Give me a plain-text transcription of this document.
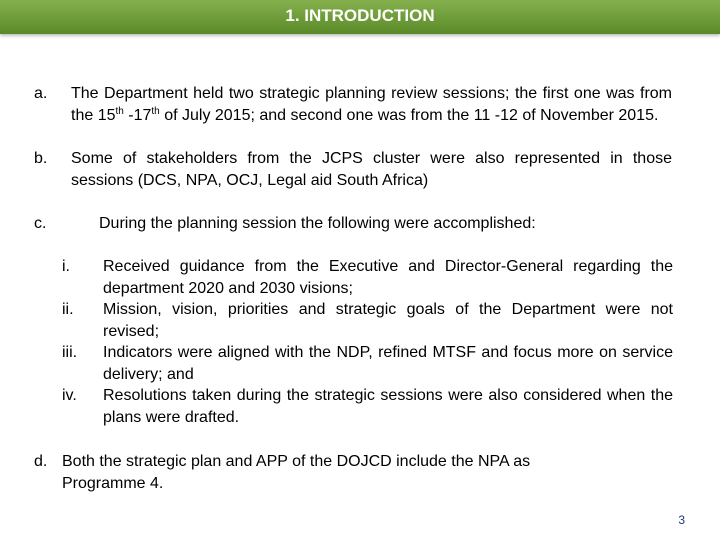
1. INTRODUCTION
a. The Department held two strategic planning review sessions; the first one was from the 15th -17th of July 2015; and second one was from the 11 -12 of November 2015.
b. Some of stakeholders from the JCPS cluster were also represented in those sessions (DCS, NPA, OCJ, Legal aid South Africa)
c.	During the planning session the following were accomplished:
i. Received guidance from the Executive and Director-General regarding the department 2020 and 2030 visions;
ii. Mission, vision, priorities and strategic goals of the Department were not revised;
iii. Indicators were aligned with the NDP, refined MTSF and focus more on service delivery; and
iv. Resolutions taken during the strategic sessions were also considered when the plans were drafted.
d. Both the strategic plan and APP of the DOJCD include the NPA as Programme 4.
3
